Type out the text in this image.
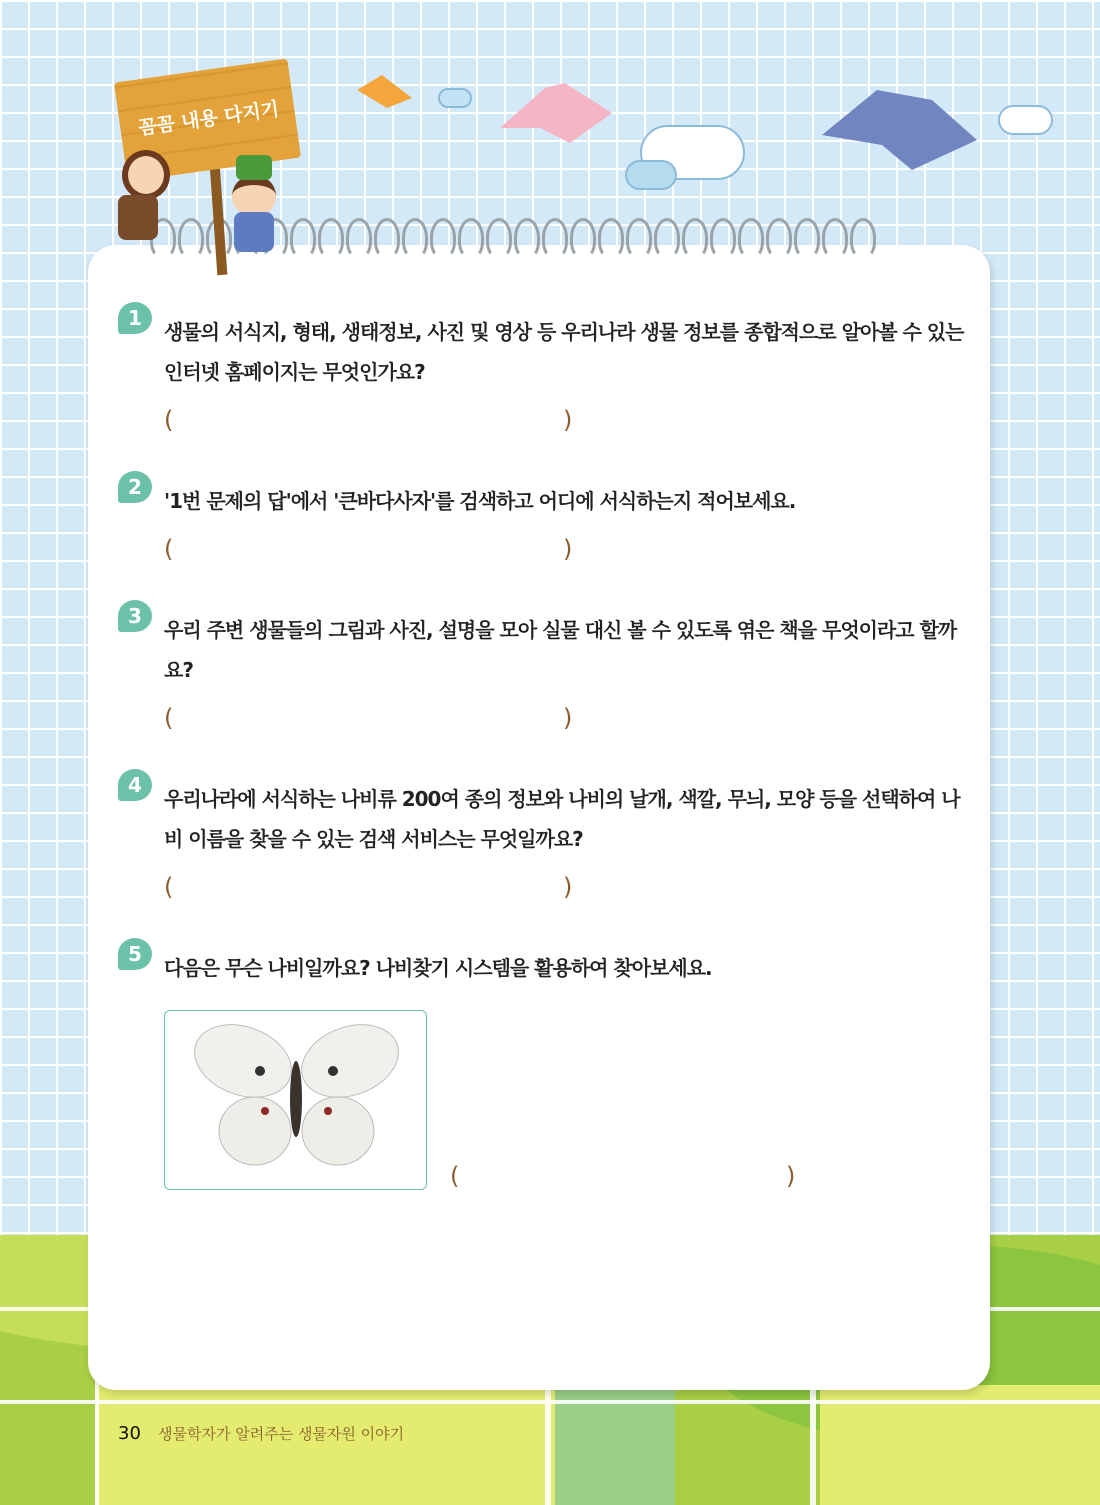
꼼꼼 내용 다지기
1
생물의 서식지, 형태, 생태정보, 사진 및 영상 등 우리나라 생물 정보를 종합적으로 알아볼 수 있는 인터넷 홈페이지는 무엇인가요?
(	)
2
'1번 문제의 답'에서 '큰바다사자'를 검색하고 어디에 서식하는지 적어보세요.
(	)
3
우리 주변 생물들의 그림과 사진, 설명을 모아 실물 대신 볼 수 있도록 엮은 책을 무엇이라고 할까요?
(	)
4
우리나라에 서식하는 나비류 200여 종의 정보와 나비의 날개, 색깔, 무늬, 모양 등을 선택하여 나비 이름을 찾을 수 있는 검색 서비스는 무엇일까요?
(	)
5
다음은 무슨 나비일까요? 나비찾기 시스템을 활용하여 찾아보세요.
(	)
30 생물학자가 알려주는 생물자원 이야기
